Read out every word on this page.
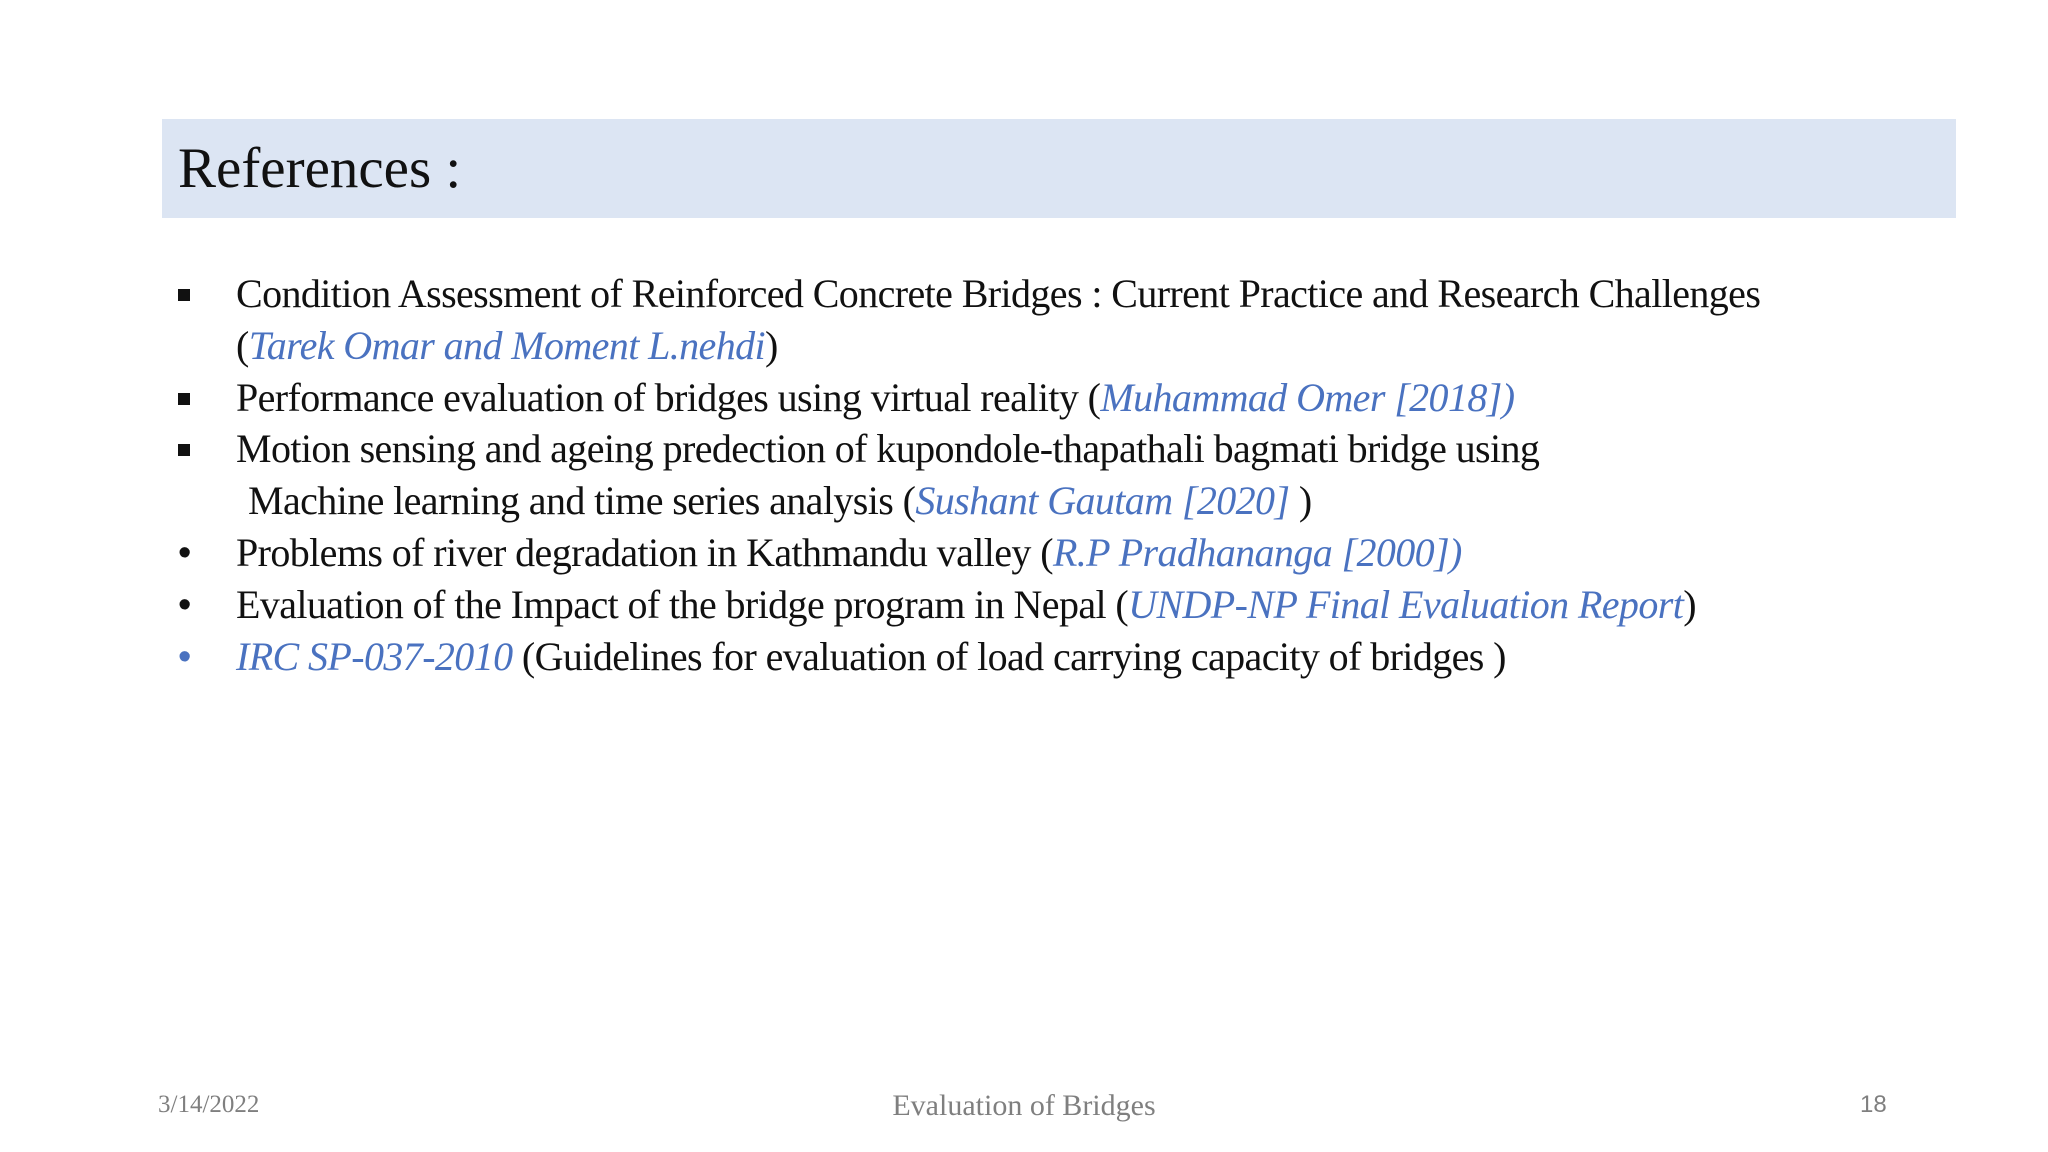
References :
Condition Assessment of Reinforced Concrete Bridges : Current Practice and Research Challenges
(Tarek Omar and Moment L.nehdi)
Performance evaluation of bridges using virtual reality (Muhammad Omer [2018])
Motion sensing and ageing predection of kupondole-thapathali bagmati bridge using
Machine learning and time series analysis (Sushant Gautam [2020] )
• Problems of river degradation in Kathmandu valley (R.P Pradhananga [2000])
• Evaluation of the Impact of the bridge program in Nepal (UNDP-NP Final Evaluation Report)
• IRC SP-037-2010 (Guidelines for evaluation of load carrying capacity of bridges )
3/14/2022	Evaluation of Bridges	18
